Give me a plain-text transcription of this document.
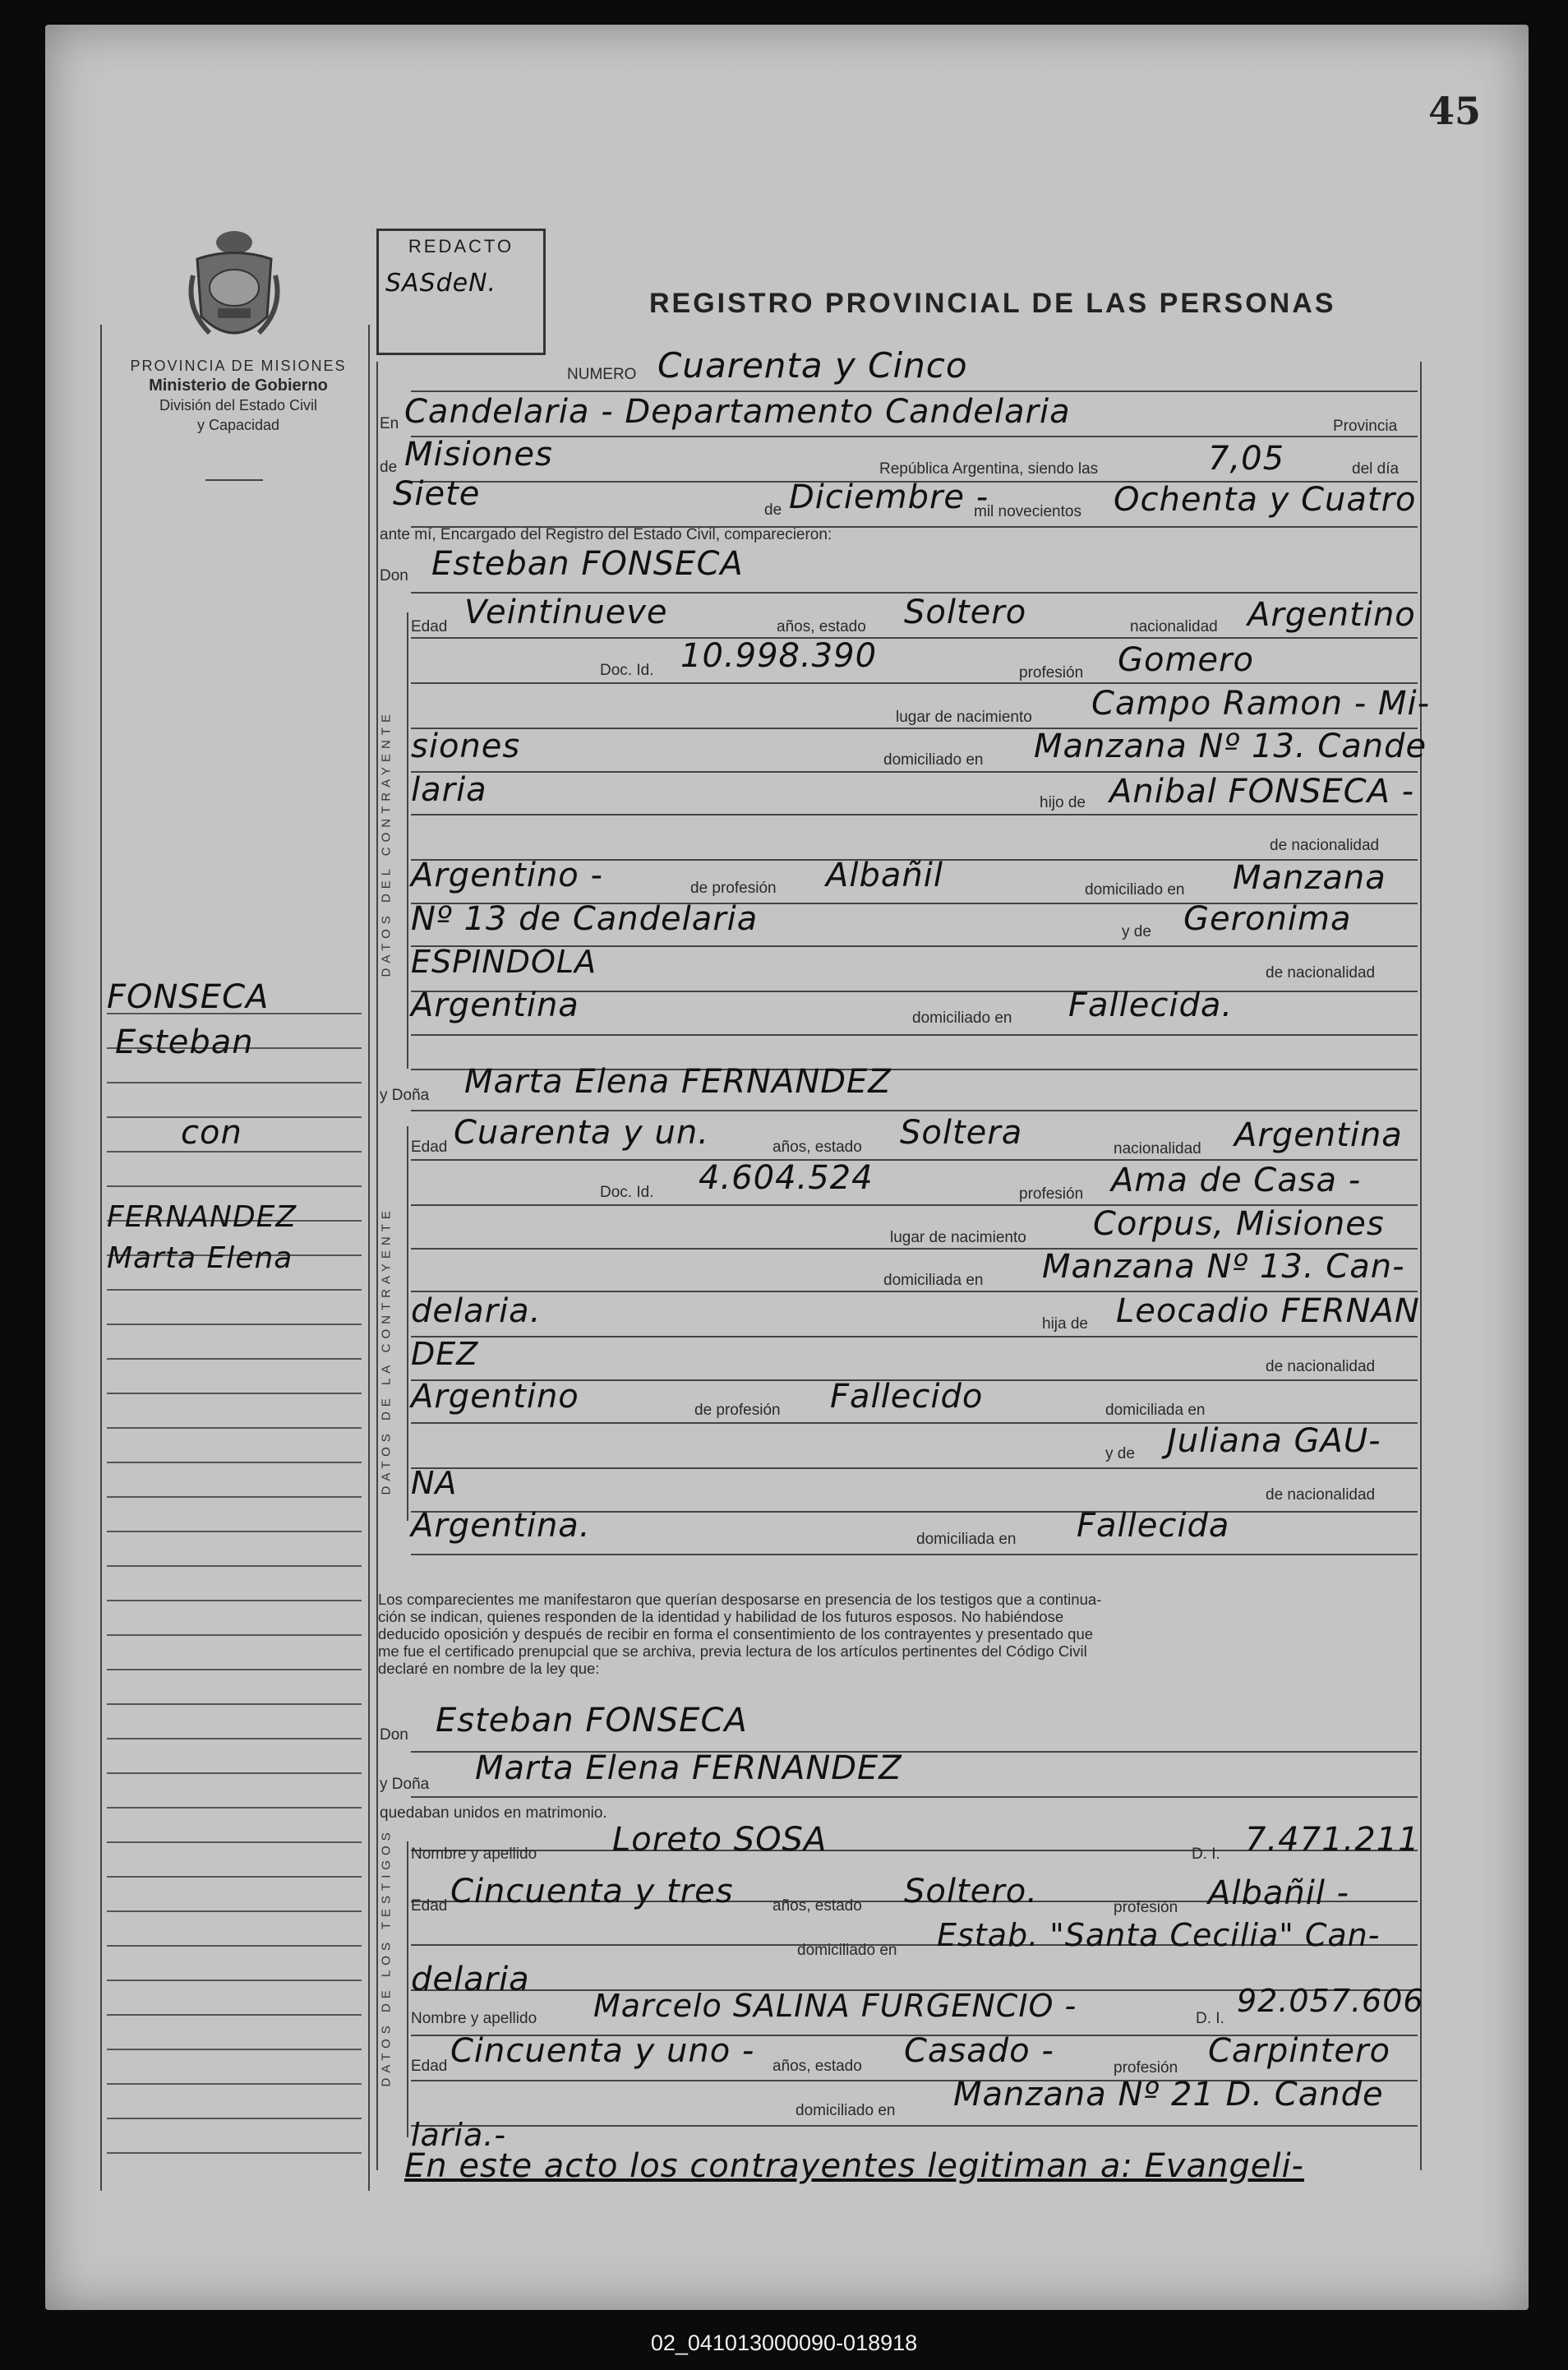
45
PROVINCIA DE MISIONES
Ministerio de Gobierno
División del Estado Civil
y Capacidad
FONSECA
Esteban
con
FERNANDEZ
Marta Elena
REDACTO
SASdeN.
REGISTRO PROVINCIAL DE LAS PERSONAS
DATOS DEL CONTRAYENTE
DATOS DE LA CONTRAYENTE
DATOS DE LOS TESTIGOS
NUMERO Cuarenta y Cinco
En Candelaria - Departamento Candelaria	Provincia
de Misiones	República Argentina, siendo las	7,05	del día
Siete	de Diciembre -
mil novecientos Ochenta y Cuatro
ante mí, Encargado del Registro del Estado Civil, comparecieron:
Don Esteban FONSECA
Edad Veintinueve	años, estado Soltero	nacionalidad Argentino
Doc. Id. 10.998.390	profesión Gomero
lugar de nacimiento Campo Ramon - Mi-
siones	domiciliado en Manzana Nº 13. Cande
laria	hijo de Anibal FONSECA -
de nacionalidad
Argentino -	de profesión Albañil	domiciliado en Manzana
Nº 13 de Candelaria	y de Geronima
ESPINDOLA	de nacionalidad
Argentina	domiciliado en Fallecida.
y Doña Marta Elena FERNANDEZ
Edad Cuarenta y un.	años, estado Soltera	nacionalidad Argentina
Doc. Id. 4.604.524	profesión Ama de Casa -
lugar de nacimiento Corpus, Misiones
domiciliada en Manzana Nº 13. Can-
delaria.	hija de Leocadio FERNAN
DEZ	de nacionalidad
Argentino	de profesión Fallecido	domiciliada en
y de Juliana GAU-
NA	de nacionalidad
Argentina.	domiciliada en Fallecida
Los comparecientes me manifestaron que querían desposarse en presencia de los testigos que a continua-
ción se indican, quienes responden de la identidad y habilidad de los futuros esposos. No habiéndose
deducido oposición y después de recibir en forma el consentimiento de los contrayentes y presentado que
me fue el certificado prenupcial que se archiva, previa lectura de los artículos pertinentes del Código Civil
declaré en nombre de la ley que:
Don Esteban FONSECA
y Doña Marta Elena FERNANDEZ
quedaban unidos en matrimonio.
Nombre y apellido Loreto SOSA	D. I. 7.471.211
Edad Cincuenta y tres años, estado Soltero.	profesión Albañil -
domiciliado en Estab. "Santa Cecilia" Can-
delaria
Nombre y apellido Marcelo SALINA FURGENCIO -	D. I. 92.057.606
Edad Cincuenta y uno - años, estado Casado -	profesión Carpintero
domiciliado en Manzana Nº 21 D. Cande
laria.-
En este acto los contrayentes legitiman a: Evangeli-
02_041013000090-018918
